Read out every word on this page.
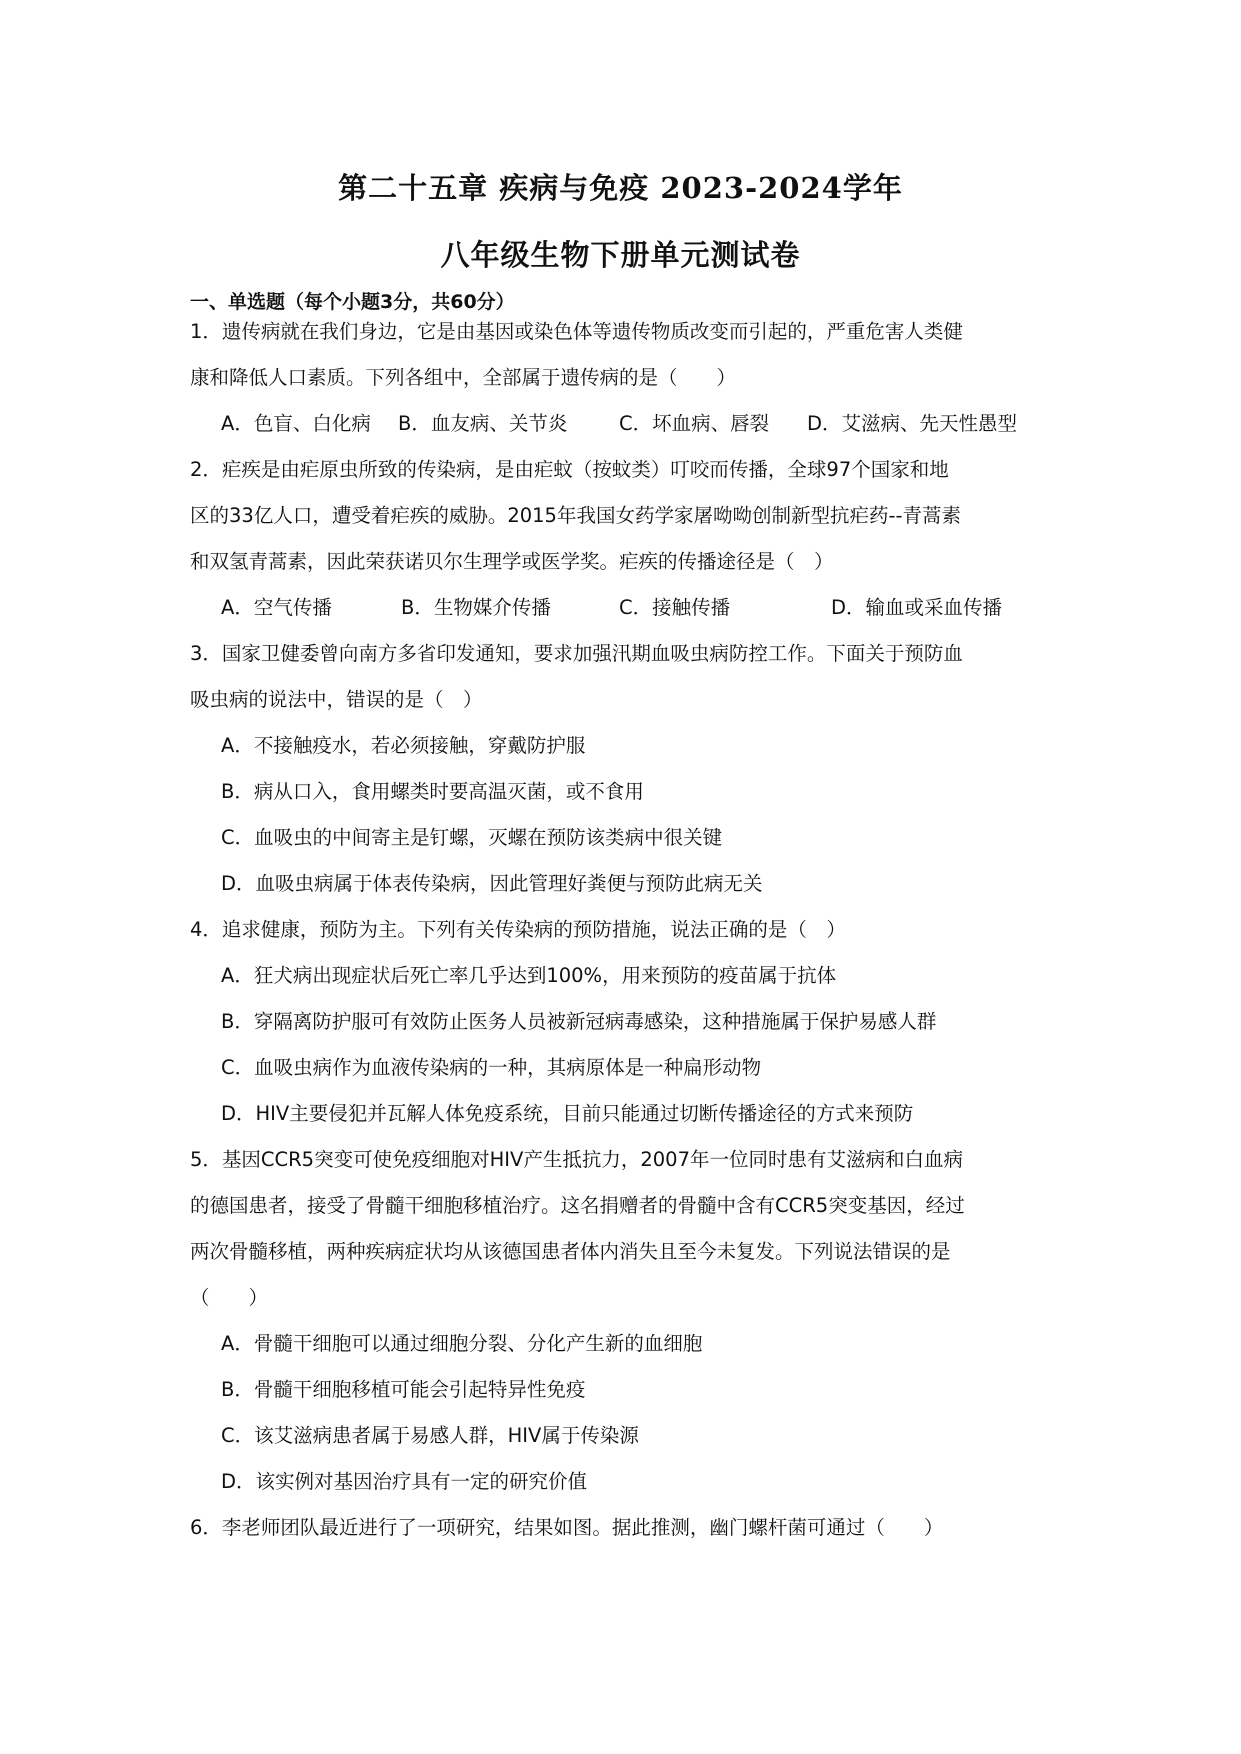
第二十五章 疾病与免疫 2023-2024学年
八年级生物下册单元测试卷
一、单选题（每个小题3分，共60分）
1．遗传病就在我们身边，它是由基因或染色体等遗传物质改变而引起的，严重危害人类健
康和降低人口素质。下列各组中，全部属于遗传病的是（　　）
A．色盲、白化病 B．血友病、关节炎	C．坏血病、唇裂 D．艾滋病、先天性愚型
2．疟疾是由疟原虫所致的传染病，是由疟蚊（按蚊类）叮咬而传播，全球97个国家和地
区的33亿人口，遭受着疟疾的威胁。2015年我国女药学家屠呦呦创制新型抗疟药--青蒿素
和双氢青蒿素，因此荣获诺贝尔生理学或医学奖。疟疾的传播途径是（　）
A．空气传播	B．生物媒介传播	C．接触传播	D．输血或采血传播
3．国家卫健委曾向南方多省印发通知，要求加强汛期血吸虫病防控工作。下面关于预防血
吸虫病的说法中，错误的是（　）
A．不接触疫水，若必须接触，穿戴防护服
B．病从口入，食用螺类时要高温灭菌，或不食用
C．血吸虫的中间寄主是钉螺，灭螺在预防该类病中很关键
D．血吸虫病属于体表传染病，因此管理好粪便与预防此病无关
4．追求健康，预防为主。下列有关传染病的预防措施，说法正确的是（　）
A．狂犬病出现症状后死亡率几乎达到100%，用来预防的疫苗属于抗体
B．穿隔离防护服可有效防止医务人员被新冠病毒感染，这种措施属于保护易感人群
C．血吸虫病作为血液传染病的一种，其病原体是一种扁形动物
D．HIV主要侵犯并瓦解人体免疫系统，目前只能通过切断传播途径的方式来预防
5．基因CCR5突变可使免疫细胞对HIV产生抵抗力，2007年一位同时患有艾滋病和白血病
的德国患者，接受了骨髓干细胞移植治疗。这名捐赠者的骨髓中含有CCR5突变基因，经过
两次骨髓移植，两种疾病症状均从该德国患者体内消失且至今未复发。下列说法错误的是
（　　）
A．骨髓干细胞可以通过细胞分裂、分化产生新的血细胞
B．骨髓干细胞移植可能会引起特异性免疫
C．该艾滋病患者属于易感人群，HIV属于传染源
D．该实例对基因治疗具有一定的研究价值
6．李老师团队最近进行了一项研究，结果如图。据此推测，幽门螺杆菌可通过（　　）
